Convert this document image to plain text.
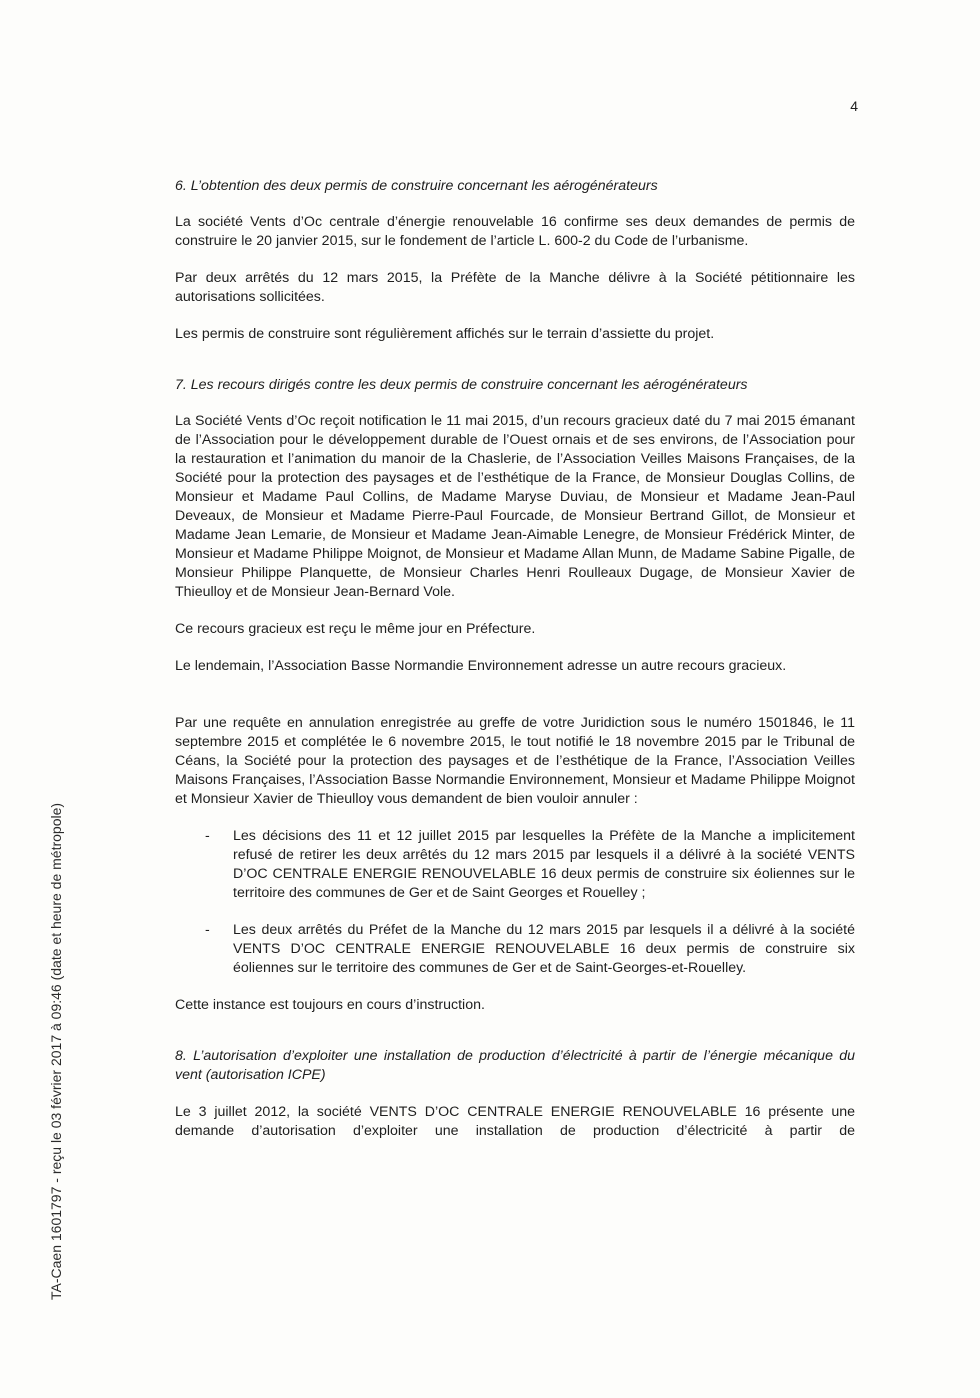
4

6. L’obtention des deux permis de construire concernant les aérogénérateurs

La société Vents d’Oc centrale d’énergie renouvelable 16 confirme ses deux demandes de permis de construire le 20 janvier 2015, sur le fondement de l’article L. 600-2 du Code de l’urbanisme.

Par deux arrêtés du 12 mars 2015, la Préfète de la Manche délivre à la Société pétitionnaire les autorisations sollicitées.

Les permis de construire sont régulièrement affichés sur le terrain d’assiette du projet.

7. Les recours dirigés contre les deux permis de construire concernant les aérogénérateurs

La Société Vents d’Oc reçoit notification le 11 mai 2015, d’un recours gracieux daté du 7 mai 2015 émanant de l’Association pour le développement durable de l’Ouest ornais et de ses environs, de l’Association pour la restauration et l’animation du manoir de la Chaslerie, de l’Association Veilles Maisons Françaises, de la Société pour la protection des paysages et de l’esthétique de la France, de Monsieur Douglas Collins, de Monsieur et Madame Paul Collins, de Madame Maryse Duviau, de Monsieur et Madame Jean-Paul Deveaux, de Monsieur et Madame Pierre-Paul Fourcade, de Monsieur Bertrand Gillot, de Monsieur et Madame Jean Lemarie, de Monsieur et Madame Jean-Aimable Lenegre, de Monsieur Frédérick Minter, de Monsieur et Madame Philippe Moignot, de Monsieur et Madame Allan Munn, de Madame Sabine Pigalle, de Monsieur Philippe Planquette, de Monsieur Charles Henri Roulleaux Dugage, de Monsieur Xavier de Thieulloy et de Monsieur Jean-Bernard Vole.

Ce recours gracieux est reçu le même jour en Préfecture.

Le lendemain, l’Association Basse Normandie Environnement adresse un autre recours gracieux.

Par une requête en annulation enregistrée au greffe de votre Juridiction sous le numéro 1501846, le 11 septembre 2015 et complétée le 6 novembre 2015, le tout notifié le 18 novembre 2015 par le Tribunal de Céans, la Société pour la protection des paysages et de l’esthétique de la France, l’Association Veilles Maisons Françaises, l’Association Basse Normandie Environnement, Monsieur et Madame Philippe Moignot et Monsieur Xavier de Thieulloy vous demandent de bien vouloir annuler :

- Les décisions des 11 et 12 juillet 2015 par lesquelles la Préfète de la Manche a implicitement refusé de retirer les deux arrêtés du 12 mars 2015 par lesquels il a délivré à la société VENTS D’OC CENTRALE ENERGIE RENOUVELABLE 16 deux permis de construire six éoliennes sur le territoire des communes de Ger et de Saint Georges et Rouelley ;
- Les deux arrêtés du Préfet de la Manche du 12 mars 2015 par lesquels il a délivré à la société VENTS D’OC CENTRALE ENERGIE RENOUVELABLE 16 deux permis de construire six éoliennes sur le territoire des communes de Ger et de Saint-Georges-et-Rouelley.

Cette instance est toujours en cours d’instruction.

8. L’autorisation d’exploiter une installation de production d’électricité à partir de l’énergie mécanique du vent (autorisation ICPE)

Le 3 juillet 2012, la société VENTS D’OC CENTRALE ENERGIE RENOUVELABLE 16 présente une demande d’autorisation d’exploiter une installation de production d’électricité à partir de

TA-Caen 1601797 - reçu le 03 février 2017 à 09:46 (date et heure de métropole)
